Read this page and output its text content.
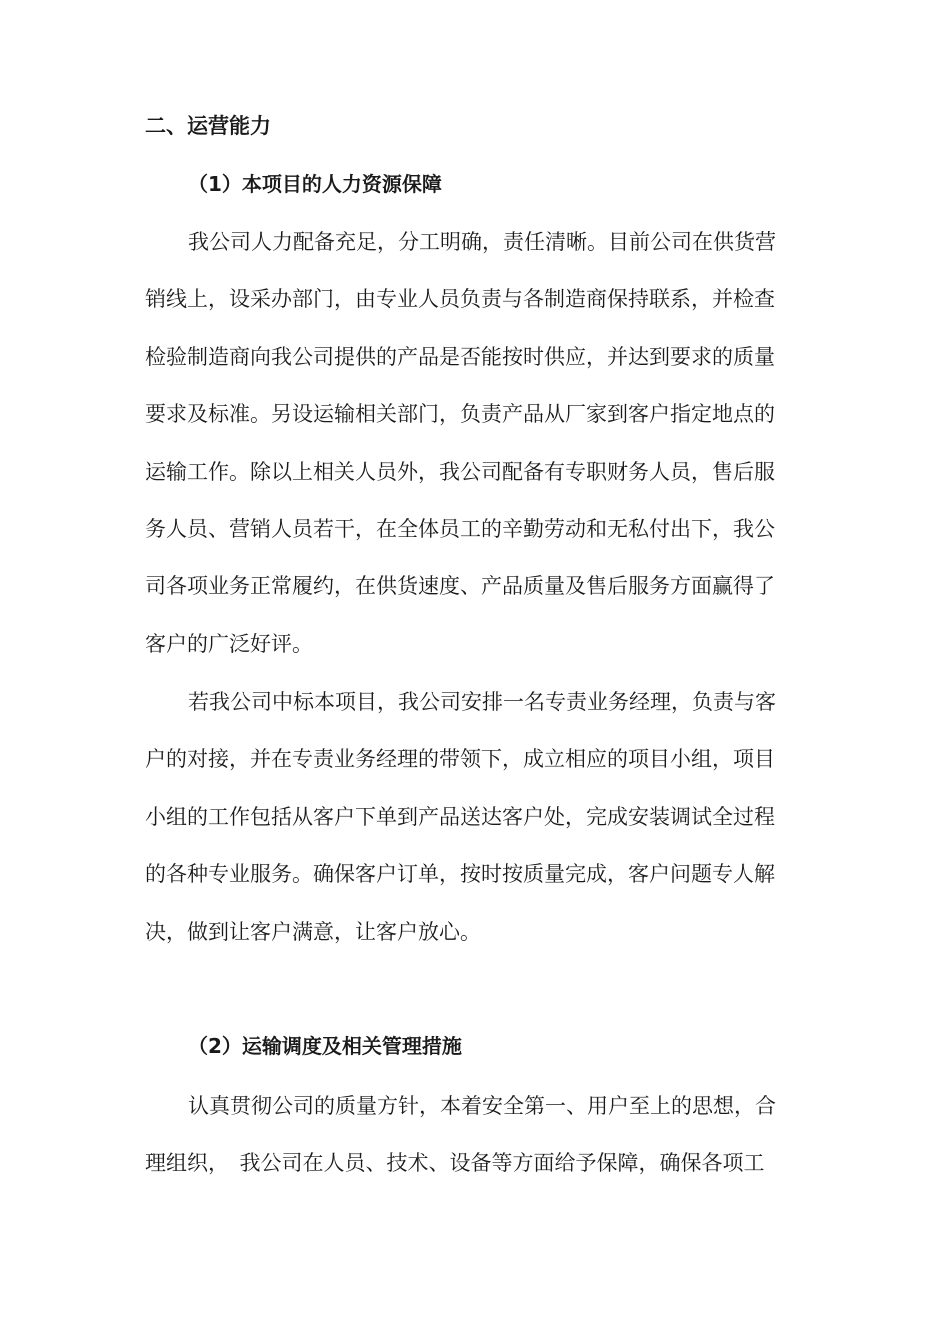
二、运营能力
（1）本项目的人力资源保障
我公司人力配备充足，分工明确，责任清晰。目前公司在供货营
销线上，设采办部门，由专业人员负责与各制造商保持联系，并检查
检验制造商向我公司提供的产品是否能按时供应，并达到要求的质量
要求及标准。另设运输相关部门，负责产品从厂家到客户指定地点的
运输工作。除以上相关人员外，我公司配备有专职财务人员，售后服
务人员、营销人员若干，在全体员工的辛勤劳动和无私付出下，我公
司各项业务正常履约，在供货速度、产品质量及售后服务方面赢得了
客户的广泛好评。
若我公司中标本项目，我公司安排一名专责业务经理，负责与客
户的对接，并在专责业务经理的带领下，成立相应的项目小组，项目
小组的工作包括从客户下单到产品送达客户处，完成安装调试全过程
的各种专业服务。确保客户订单，按时按质量完成，客户问题专人解
决，做到让客户满意，让客户放心。
（2）运输调度及相关管理措施
认真贯彻公司的质量方针，本着安全第一、用户至上的思想，合
理组织，　我公司在人员、技术、设备等方面给予保障，确保各项工
